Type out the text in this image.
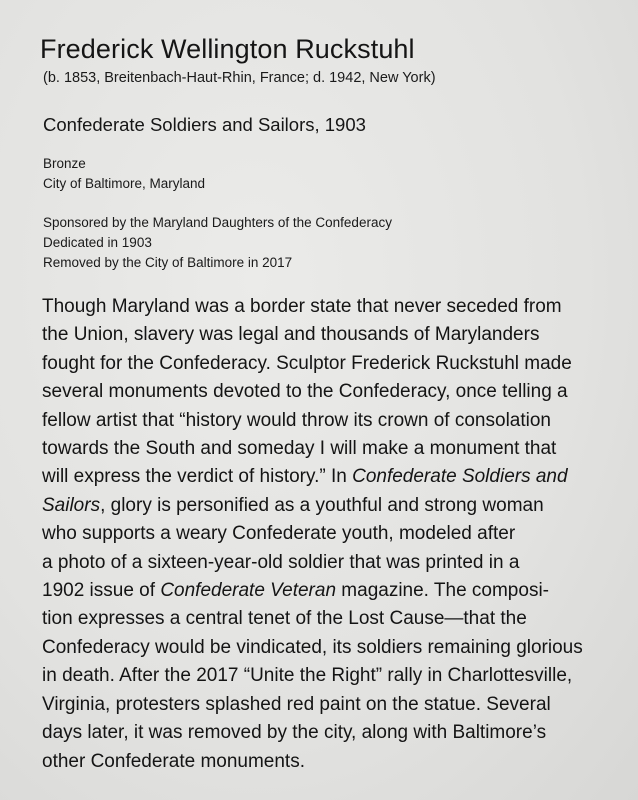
Frederick Wellington Ruckstuhl
(b. 1853, Breitenbach-Haut-Rhin, France; d. 1942, New York)
Confederate Soldiers and Sailors, 1903
Bronze
City of Baltimore, Maryland
Sponsored by the Maryland Daughters of the Confederacy
Dedicated in 1903
Removed by the City of Baltimore in 2017
Though Maryland was a border state that never seceded from
the Union, slavery was legal and thousands of Marylanders
fought for the Confederacy. Sculptor Frederick Ruckstuhl made
several monuments devoted to the Confederacy, once telling a
fellow artist that “history would throw its crown of consolation
towards the South and someday I will make a monument that
will express the verdict of history.” In Confederate Soldiers and
Sailors, glory is personified as a youthful and strong woman
who supports a weary Confederate youth, modeled after
a photo of a sixteen-year-old soldier that was printed in a
1902 issue of Confederate Veteran magazine. The composi-
tion expresses a central tenet of the Lost Cause—that the
Confederacy would be vindicated, its soldiers remaining glorious
in death. After the 2017 “Unite the Right” rally in Charlottesville,
Virginia, protesters splashed red paint on the statue. Several
days later, it was removed by the city, along with Baltimore’s
other Confederate monuments.
